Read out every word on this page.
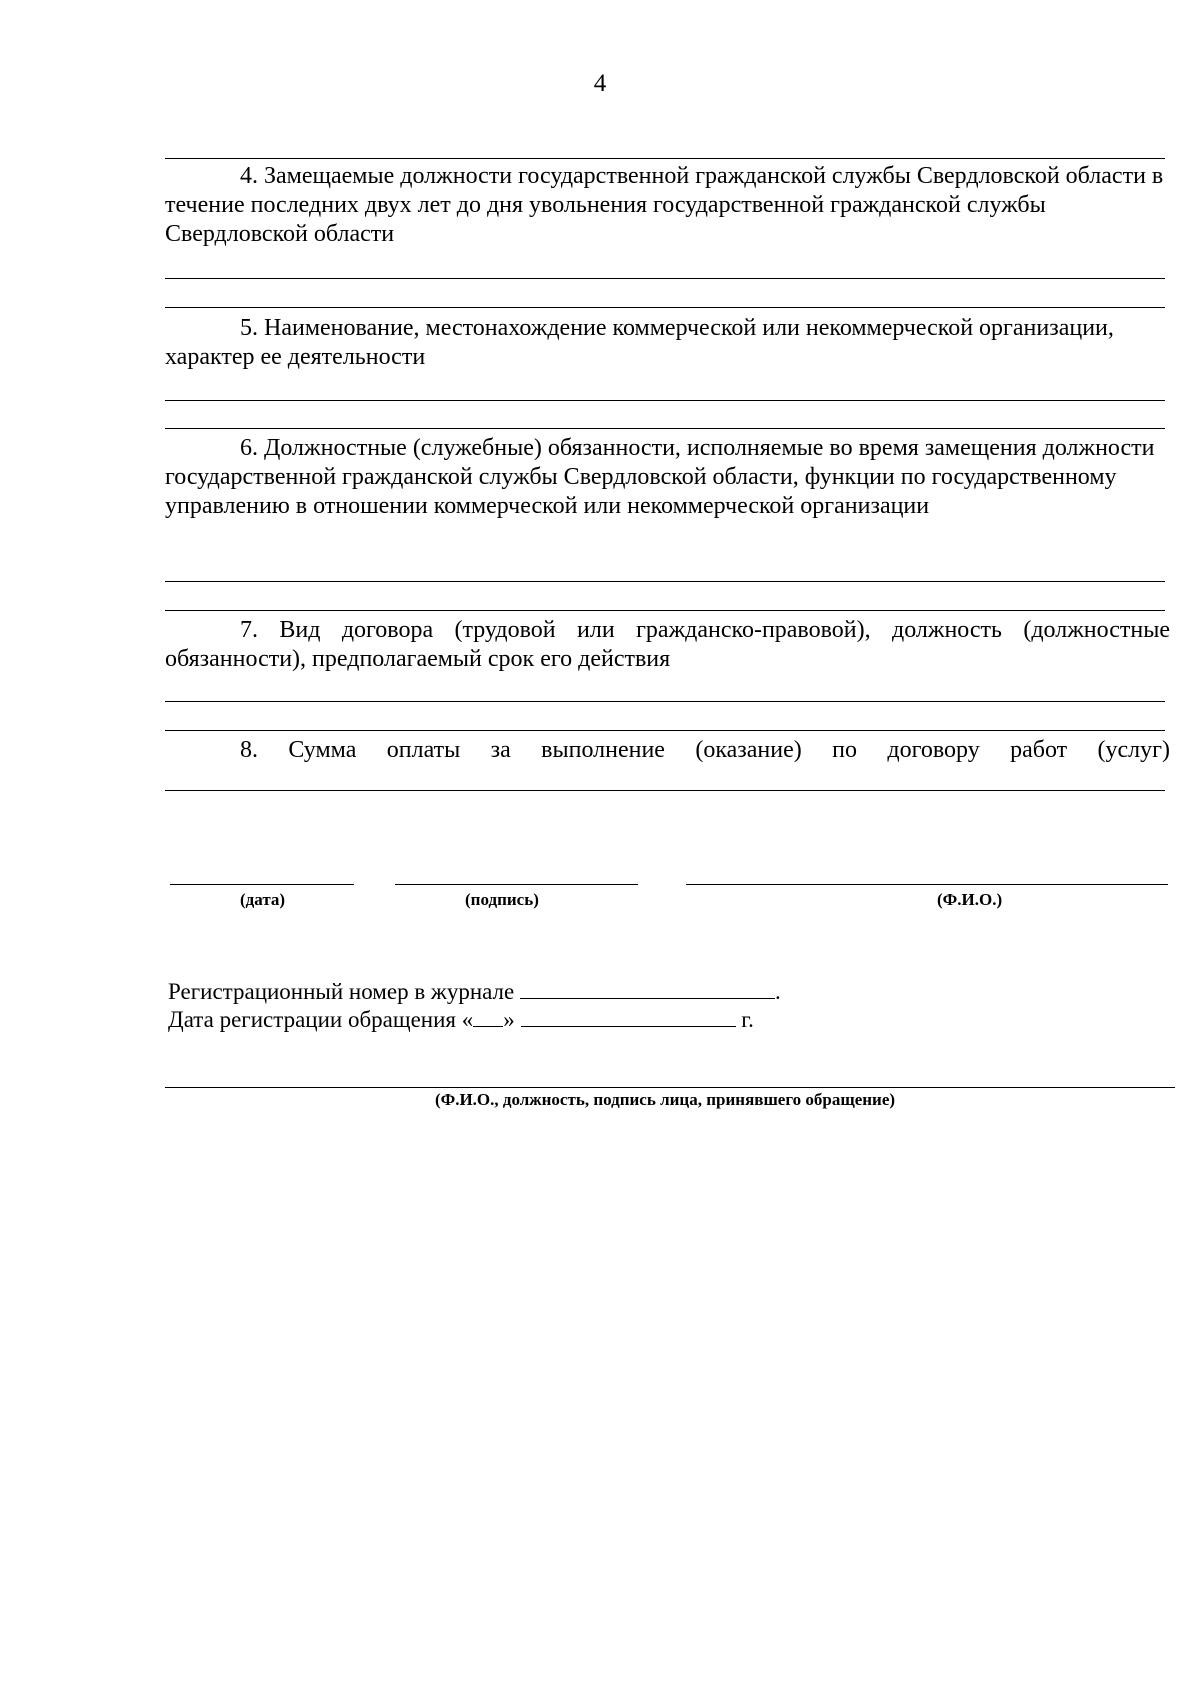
4

4. Замещаемые должности государственной гражданской службы Свердловской области в течение последних двух лет до дня увольнения государственной гражданской службы Свердловской области

5. Наименование, местонахождение коммерческой или некоммерческой организации, характер ее деятельности

6. Должностные (служебные) обязанности, исполняемые во время замещения должности государственной гражданской службы Свердловской области, функции по государственному управлению в отношении коммерческой или некоммерческой организации

7. Вид договора (трудовой или гражданско-правовой), должность (должностные обязанности), предполагаемый срок его действия

8. Сумма оплаты за выполнение (оказание) по договору работ (услуг)

(дата)	(подпись)	(Ф.И.О.)
Регистрационный номер в журнале	.
Дата регистрации обращения « »	г.
(Ф.И.О., должность, подпись лица, принявшего обращение)
